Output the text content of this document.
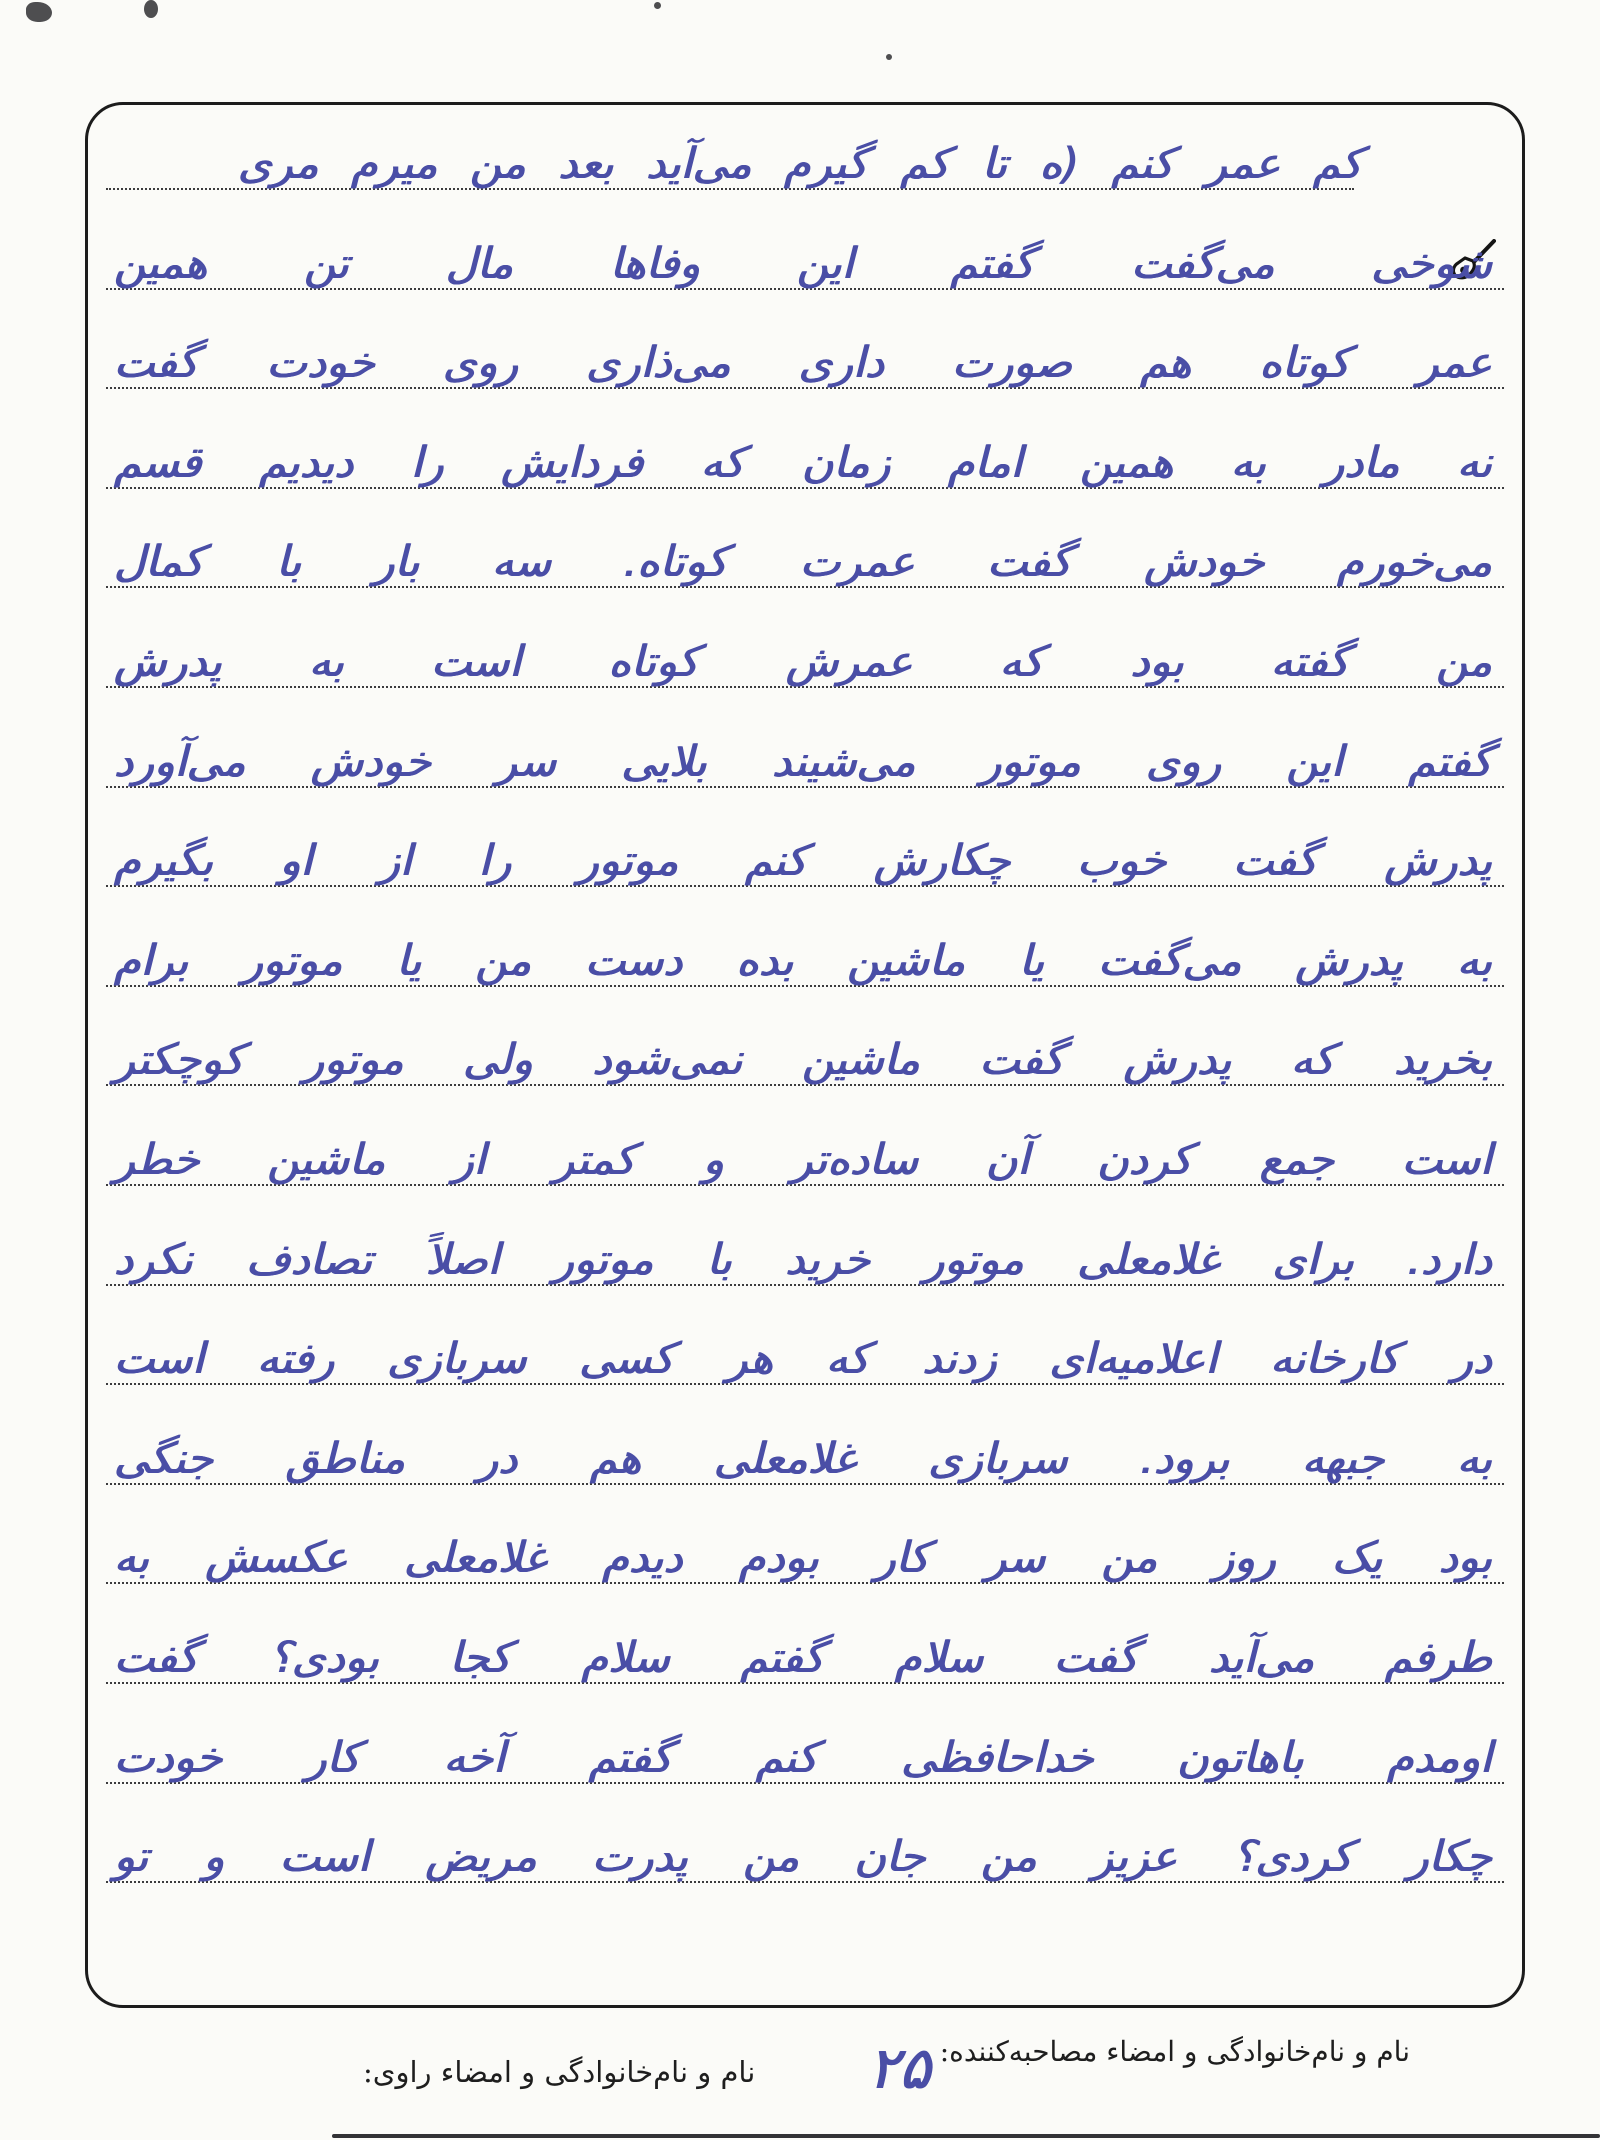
کم عمر کنم (ه تا کم گیرم می‌آید بعد من میرم مری
شوخی می‌گفت گفتم این وفاها مال تن همین
عمر کوتاه هم صورت داری می‌ذاری روی خودت گفت
نه مادر به همین امام زمان که فردایش را دیدیم قسم
می‌خورم خودش گفت عمرت کوتاه. سه بار با کمال
من گفته بود که عمرش کوتاه است به پدرش
گفتم این روی موتور می‌شیند بلایی سر خودش می‌آورد
پدرش گفت خوب چکارش کنم موتور را از او بگیرم
به پدرش می‌گفت یا ماشین بده دست من یا موتور برام
بخرید که پدرش گفت ماشین نمی‌شود ولی موتور کوچکتر
است جمع کردن آن ساده‌تر و کمتر از ماشین خطر
دارد. برای غلامعلی موتور خرید با موتور اصلاً تصادف نکرد
در کارخانه اعلامیه‌ای زدند که هر کسی سربازی رفته است
به جبهه برود. سربازی غلامعلی هم در مناطق جنگی
بود یک روز من سر کار بودم دیدم غلامعلی عکسش به
طرفم می‌آید گفت سلام گفتم سلام کجا بودی؟ گفت
اومدم باهاتون خداحافظی کنم گفتم آخه کار خودت
چکار کردی؟ عزیز من جان من پدرت مریض است و تو
نام و نام‌خانوادگی و امضاء مصاحبه‌کننده:
نام و نام‌خانوادگی و امضاء راوی: ۲۵
